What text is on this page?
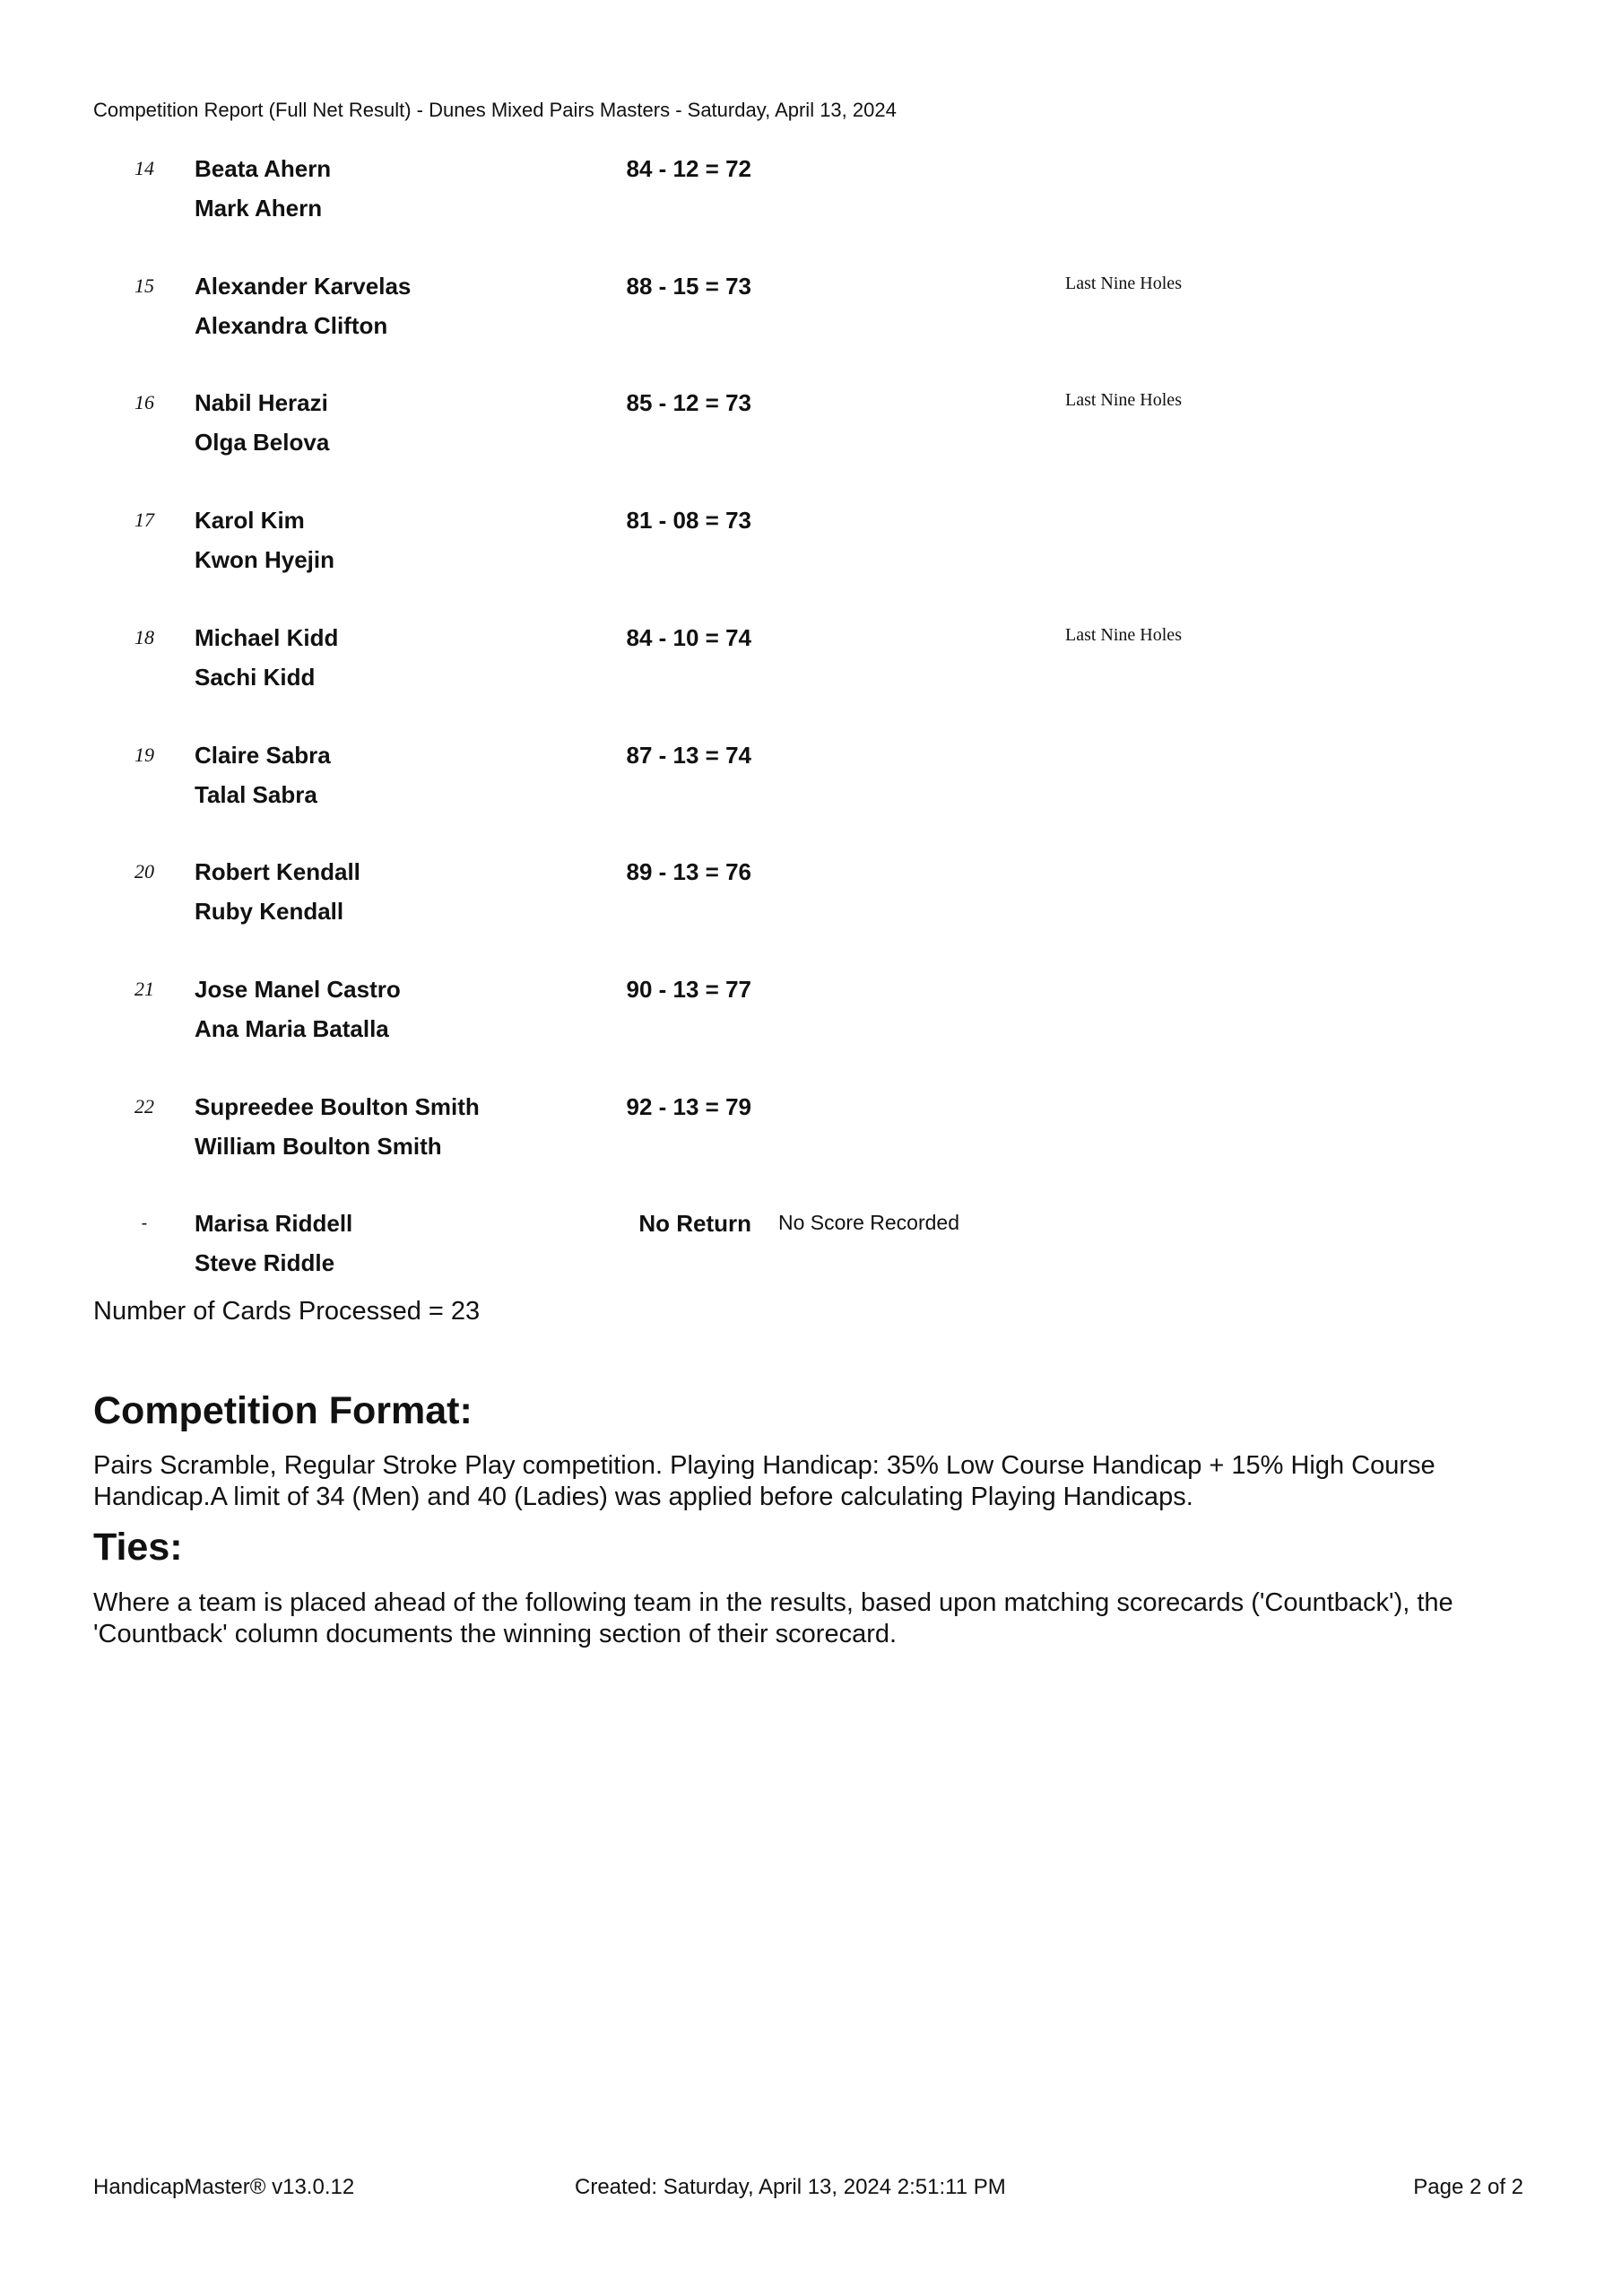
Competition Report (Full Net Result) - Dunes Mixed Pairs Masters - Saturday, April 13, 2024
14	Beata Ahern
Mark Ahern
84 - 12 = 72
15	Alexander Karvelas
Alexandra Clifton
88 - 15 = 73	Last Nine Holes
16	Nabil Herazi
Olga Belova
85 - 12 = 73	Last Nine Holes
17	Karol Kim
Kwon Hyejin
81 - 08 = 73
18	Michael Kidd
Sachi Kidd
84 - 10 = 74	Last Nine Holes
19	Claire Sabra
Talal Sabra
87 - 13 = 74
20	Robert Kendall
Ruby Kendall
89 - 13 = 76
21	Jose Manel Castro
Ana Maria Batalla
90 - 13 = 77
22	Supreedee Boulton Smith
William Boulton Smith
92 - 13 = 79
-	Marisa Riddell
Steve Riddle
No Return No Score Recorded
Number of Cards Processed = 23
Competition Format:
Pairs Scramble, Regular Stroke Play competition. Playing Handicap: 35% Low Course Handicap + 15% High Course Handicap.A limit of 34 (Men) and 40 (Ladies) was applied before calculating Playing Handicaps.
Ties:
Where a team is placed ahead of the following team in the results, based upon matching scorecards ('Countback'), the 'Countback' column documents the winning section of their scorecard.
HandicapMaster® v13.0.12	Created: Saturday, April 13, 2024 2:51:11 PM	Page 2 of 2
